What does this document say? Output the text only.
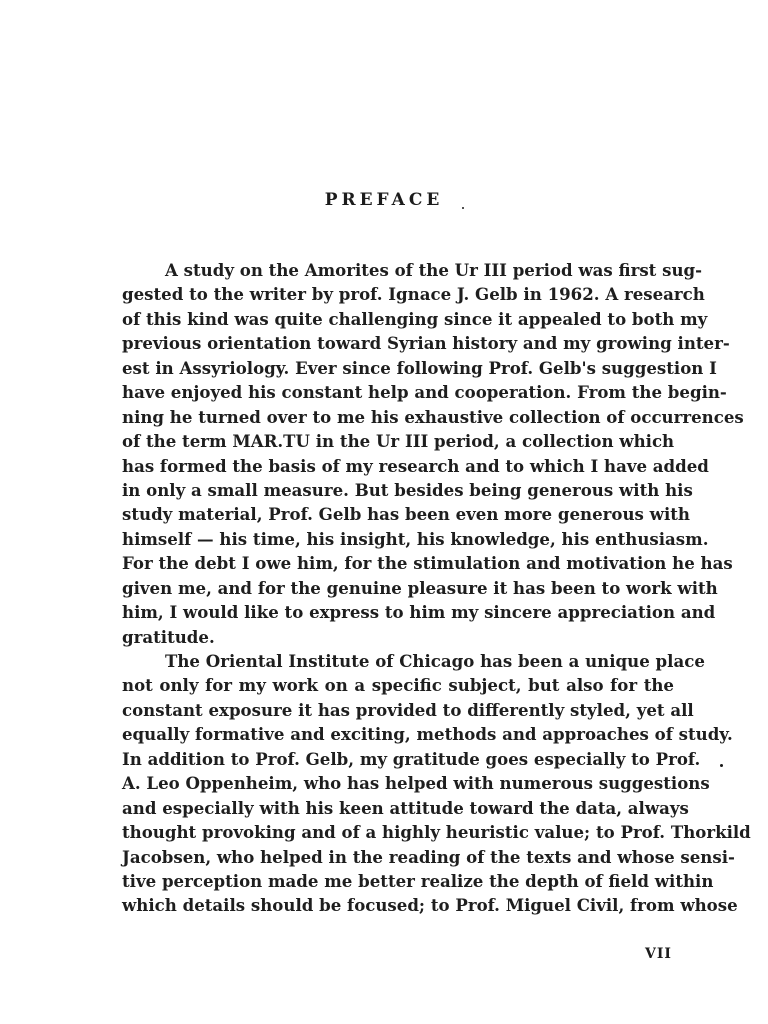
PREFACE
A study on the Amorites of the Ur III period was first sug-
gested to the writer by prof. Ignace J. Gelb in 1962. A research
of this kind was quite challenging since it appealed to both my
previous orientation toward Syrian history and my growing inter-
est in Assyriology. Ever since following Prof. Gelb's suggestion I
have enjoyed his constant help and cooperation. From the begin-
ning he turned over to me his exhaustive collection of occurrences
of the term MAR.TU in the Ur III period, a collection which
has formed the basis of my research and to which I have added
in only a small measure. But besides being generous with his
study material, Prof. Gelb has been even more generous with
himself — his time, his insight, his knowledge, his enthusiasm.
For the debt I owe him, for the stimulation and motivation he has
given me, and for the genuine pleasure it has been to work with
him, I would like to express to him my sincere appreciation and
gratitude.
The Oriental Institute of Chicago has been a unique place
not only for my work on a specific subject, but also for the
constant exposure it has provided to differently styled, yet all
equally formative and exciting, methods and approaches of study.
In addition to Prof. Gelb, my gratitude goes especially to Prof.
A. Leo Oppenheim, who has helped with numerous suggestions
and especially with his keen attitude toward the data, always
thought provoking and of a highly heuristic value; to Prof. Thorkild
Jacobsen, who helped in the reading of the texts and whose sensi-
tive perception made me better realize the depth of field within
which details should be focused; to Prof. Miguel Civil, from whose
VII
